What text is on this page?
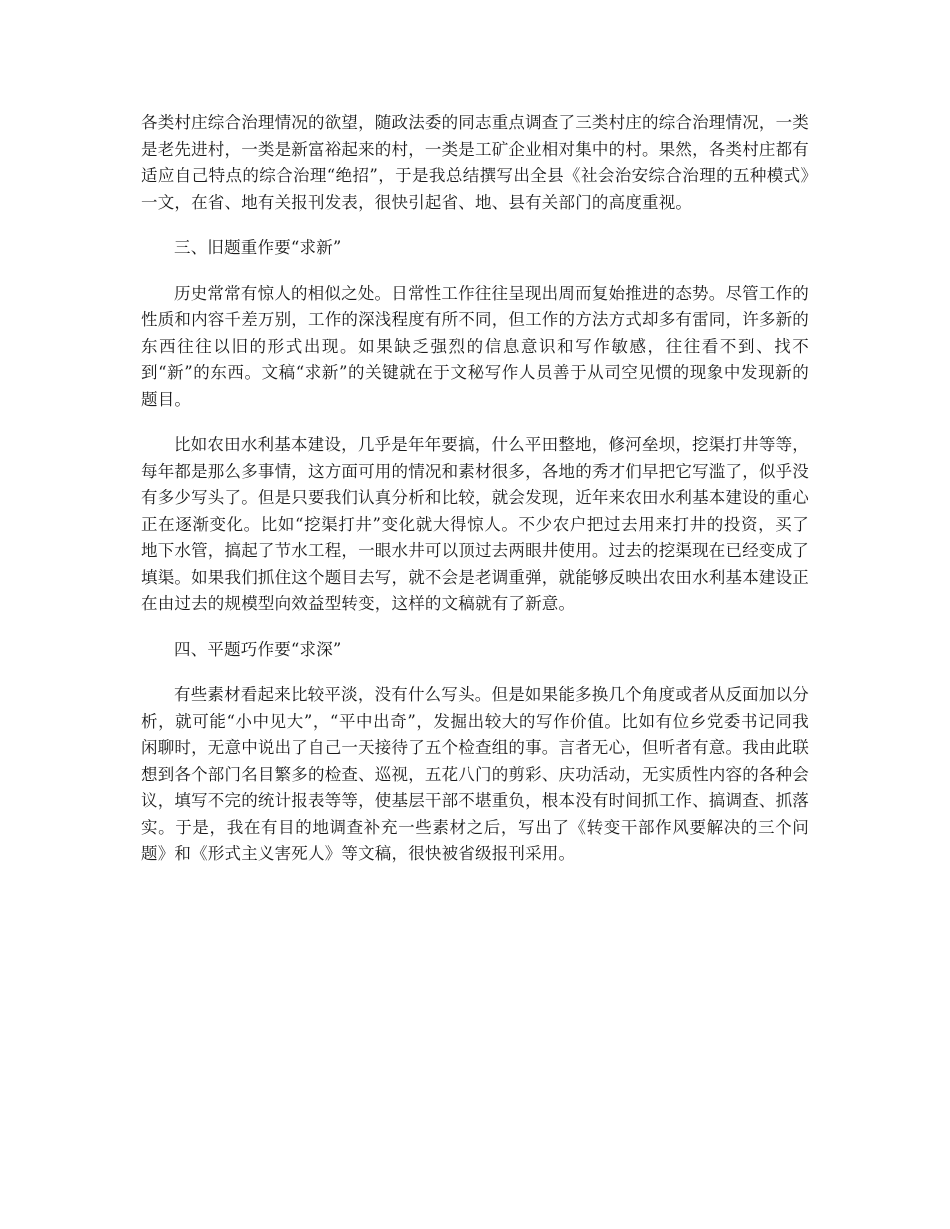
各类村庄综合治理情况的欲望，随政法委的同志重点调查了三类村庄的综合治理情况，一类是老先进村，一类是新富裕起来的村，一类是工矿企业相对集中的村。果然，各类村庄都有适应自己特点的综合治理“绝招”，于是我总结撰写出全县《社会治安综合治理的五种模式》一文，在省、地有关报刊发表，很快引起省、地、县有关部门的高度重视。

三、旧题重作要“求新”

历史常常有惊人的相似之处。日常性工作往往呈现出周而复始推进的态势。尽管工作的性质和内容千差万别，工作的深浅程度有所不同，但工作的方法方式却多有雷同，许多新的东西往往以旧的形式出现。如果缺乏强烈的信息意识和写作敏感，往往看不到、找不到“新”的东西。文稿“求新”的关键就在于文秘写作人员善于从司空见惯的现象中发现新的题目。

比如农田水利基本建设，几乎是年年要搞，什么平田整地，修河垒坝，挖渠打井等等，每年都是那么多事情，这方面可用的情况和素材很多，各地的秀才们早把它写滥了，似乎没有多少写头了。但是只要我们认真分析和比较，就会发现，近年来农田水利基本建设的重心正在逐渐变化。比如“挖渠打井”变化就大得惊人。不少农户把过去用来打井的投资，买了地下水管，搞起了节水工程，一眼水井可以顶过去两眼井使用。过去的挖渠现在已经变成了填渠。如果我们抓住这个题目去写，就不会是老调重弹，就能够反映出农田水利基本建设正在由过去的规模型向效益型转变，这样的文稿就有了新意。

四、平题巧作要“求深”

有些素材看起来比较平淡，没有什么写头。但是如果能多换几个角度或者从反面加以分析，就可能“小中见大”，“平中出奇”，发掘出较大的写作价值。比如有位乡党委书记同我闲聊时，无意中说出了自己一天接待了五个检查组的事。言者无心，但听者有意。我由此联想到各个部门名目繁多的检查、巡视，五花八门的剪彩、庆功活动，无实质性内容的各种会议，填写不完的统计报表等等，使基层干部不堪重负，根本没有时间抓工作、搞调查、抓落实。于是，我在有目的地调查补充一些素材之后，写出了《转变干部作风要解决的三个问题》和《形式主义害死人》等文稿，很快被省级报刊采用。
